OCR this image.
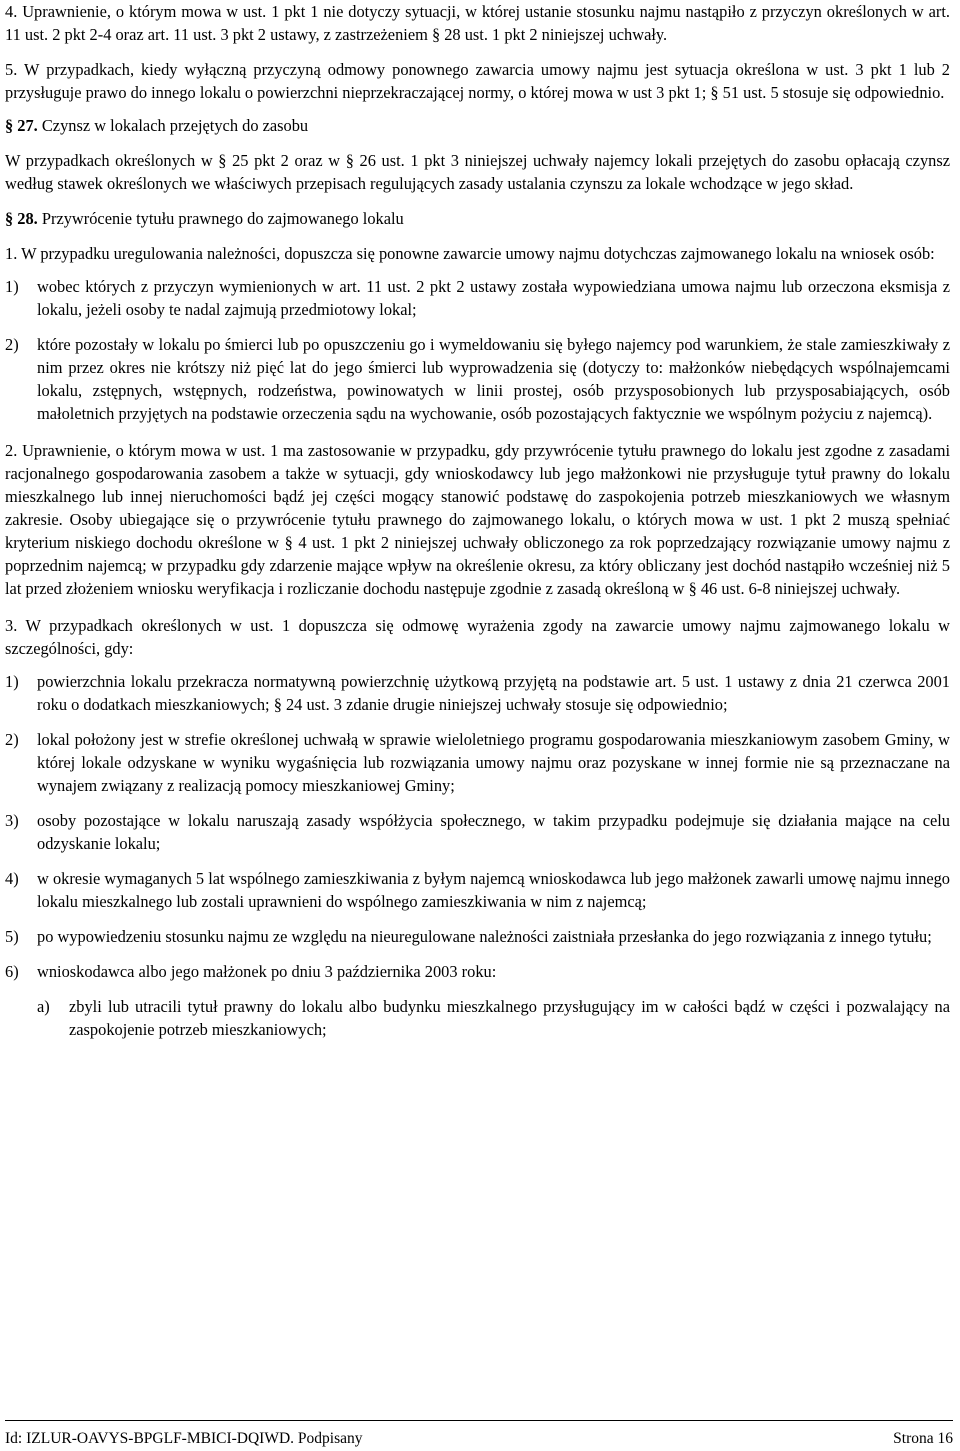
4. Uprawnienie, o którym mowa w ust. 1 pkt 1 nie dotyczy sytuacji, w której ustanie stosunku najmu nastąpiło z przyczyn określonych w art. 11 ust. 2 pkt 2-4 oraz art. 11 ust. 3 pkt 2 ustawy, z zastrzeżeniem § 28 ust. 1 pkt 2 niniejszej uchwały.

5. W przypadkach, kiedy wyłączną przyczyną odmowy ponownego zawarcia umowy najmu jest sytuacja określona w ust. 3 pkt 1 lub 2 przysługuje prawo do innego lokalu o powierzchni nieprzekraczającej normy, o której mowa w ust 3 pkt 1; § 51 ust. 5 stosuje się odpowiednio.

§ 27. Czynsz w lokalach przejętych do zasobu

W przypadkach określonych w § 25 pkt 2 oraz w § 26 ust. 1 pkt 3 niniejszej uchwały najemcy lokali przejętych do zasobu opłacają czynsz według stawek określonych we właściwych przepisach regulujących zasady ustalania czynszu za lokale wchodzące w jego skład.

§ 28. Przywrócenie tytułu prawnego do zajmowanego lokalu

1. W przypadku uregulowania należności, dopuszcza się ponowne zawarcie umowy najmu dotychczas zajmowanego lokalu na wniosek osób:

1)	wobec których z przyczyn wymienionych w art. 11 ust. 2 pkt 2 ustawy została wypowiedziana umowa najmu lub orzeczona eksmisja z lokalu, jeżeli osoby te nadal zajmują przedmiotowy lokal;
2)	które pozostały w lokalu po śmierci lub po opuszczeniu go i wymeldowaniu się byłego najemcy pod warunkiem, że stale zamieszkiwały z nim przez okres nie krótszy niż pięć lat do jego śmierci lub wyprowadzenia się (dotyczy to: małżonków niebędących wspólnajemcami lokalu, zstępnych, wstępnych, rodzeństwa, powinowatych w linii prostej, osób przysposobionych lub przysposabiających, osób małoletnich przyjętych na podstawie orzeczenia sądu na wychowanie, osób pozostających faktycznie we wspólnym pożyciu z najemcą).

2. Uprawnienie, o którym mowa w ust. 1 ma zastosowanie w przypadku, gdy przywrócenie tytułu prawnego do lokalu jest zgodne z zasadami racjonalnego gospodarowania zasobem a także w sytuacji, gdy wnioskodawcy lub jego małżonkowi nie przysługuje tytuł prawny do lokalu mieszkalnego lub innej nieruchomości bądź jej części mogący stanowić podstawę do zaspokojenia potrzeb mieszkaniowych we własnym zakresie. Osoby ubiegające się o przywrócenie tytułu prawnego do zajmowanego lokalu, o których mowa w ust. 1 pkt 2 muszą spełniać kryterium niskiego dochodu określone w § 4 ust. 1 pkt 2 niniejszej uchwały obliczonego za rok poprzedzający rozwiązanie umowy najmu z poprzednim najemcą; w przypadku gdy zdarzenie mające wpływ na określenie okresu, za który obliczany jest dochód nastąpiło wcześniej niż 5 lat przed złożeniem wniosku weryfikacja i rozliczanie dochodu następuje zgodnie z zasadą określoną w § 46 ust. 6-8 niniejszej uchwały.

3. W przypadkach określonych w ust. 1 dopuszcza się odmowę wyrażenia zgody na zawarcie umowy najmu zajmowanego lokalu w szczególności, gdy:

1)	powierzchnia lokalu przekracza normatywną powierzchnię użytkową przyjętą na podstawie art. 5 ust. 1 ustawy z dnia 21 czerwca 2001 roku o dodatkach mieszkaniowych; § 24 ust. 3 zdanie drugie niniejszej uchwały stosuje się odpowiednio;
2)	lokal położony jest w strefie określonej uchwałą w sprawie wieloletniego programu gospodarowania mieszkaniowym zasobem Gminy, w której lokale odzyskane w wyniku wygaśnięcia lub rozwiązania umowy najmu oraz pozyskane w innej formie nie są przeznaczane na wynajem związany z realizacją pomocy mieszkaniowej Gminy;
3)	osoby pozostające w lokalu naruszają zasady współżycia społecznego, w takim przypadku podejmuje się działania mające na celu odzyskanie lokalu;
4)	w okresie wymaganych 5 lat wspólnego zamieszkiwania z byłym najemcą wnioskodawca lub jego małżonek zawarli umowę najmu innego lokalu mieszkalnego lub zostali uprawnieni do wspólnego zamieszkiwania w nim z najemcą;
5)	po wypowiedzeniu stosunku najmu ze względu na nieuregulowane należności zaistniała przesłanka do jego rozwiązania z innego tytułu;
6)	wnioskodawca albo jego małżonek po dniu 3 października 2003 roku:
a)	zbyli lub utracili tytuł prawny do lokalu albo budynku mieszkalnego przysługujący im w całości bądź w części i pozwalający na zaspokojenie potrzeb mieszkaniowych;
Id: IZLUR-OAVYS-BPGLF-MBICI-DQIWD. Podpisany	Strona 16
